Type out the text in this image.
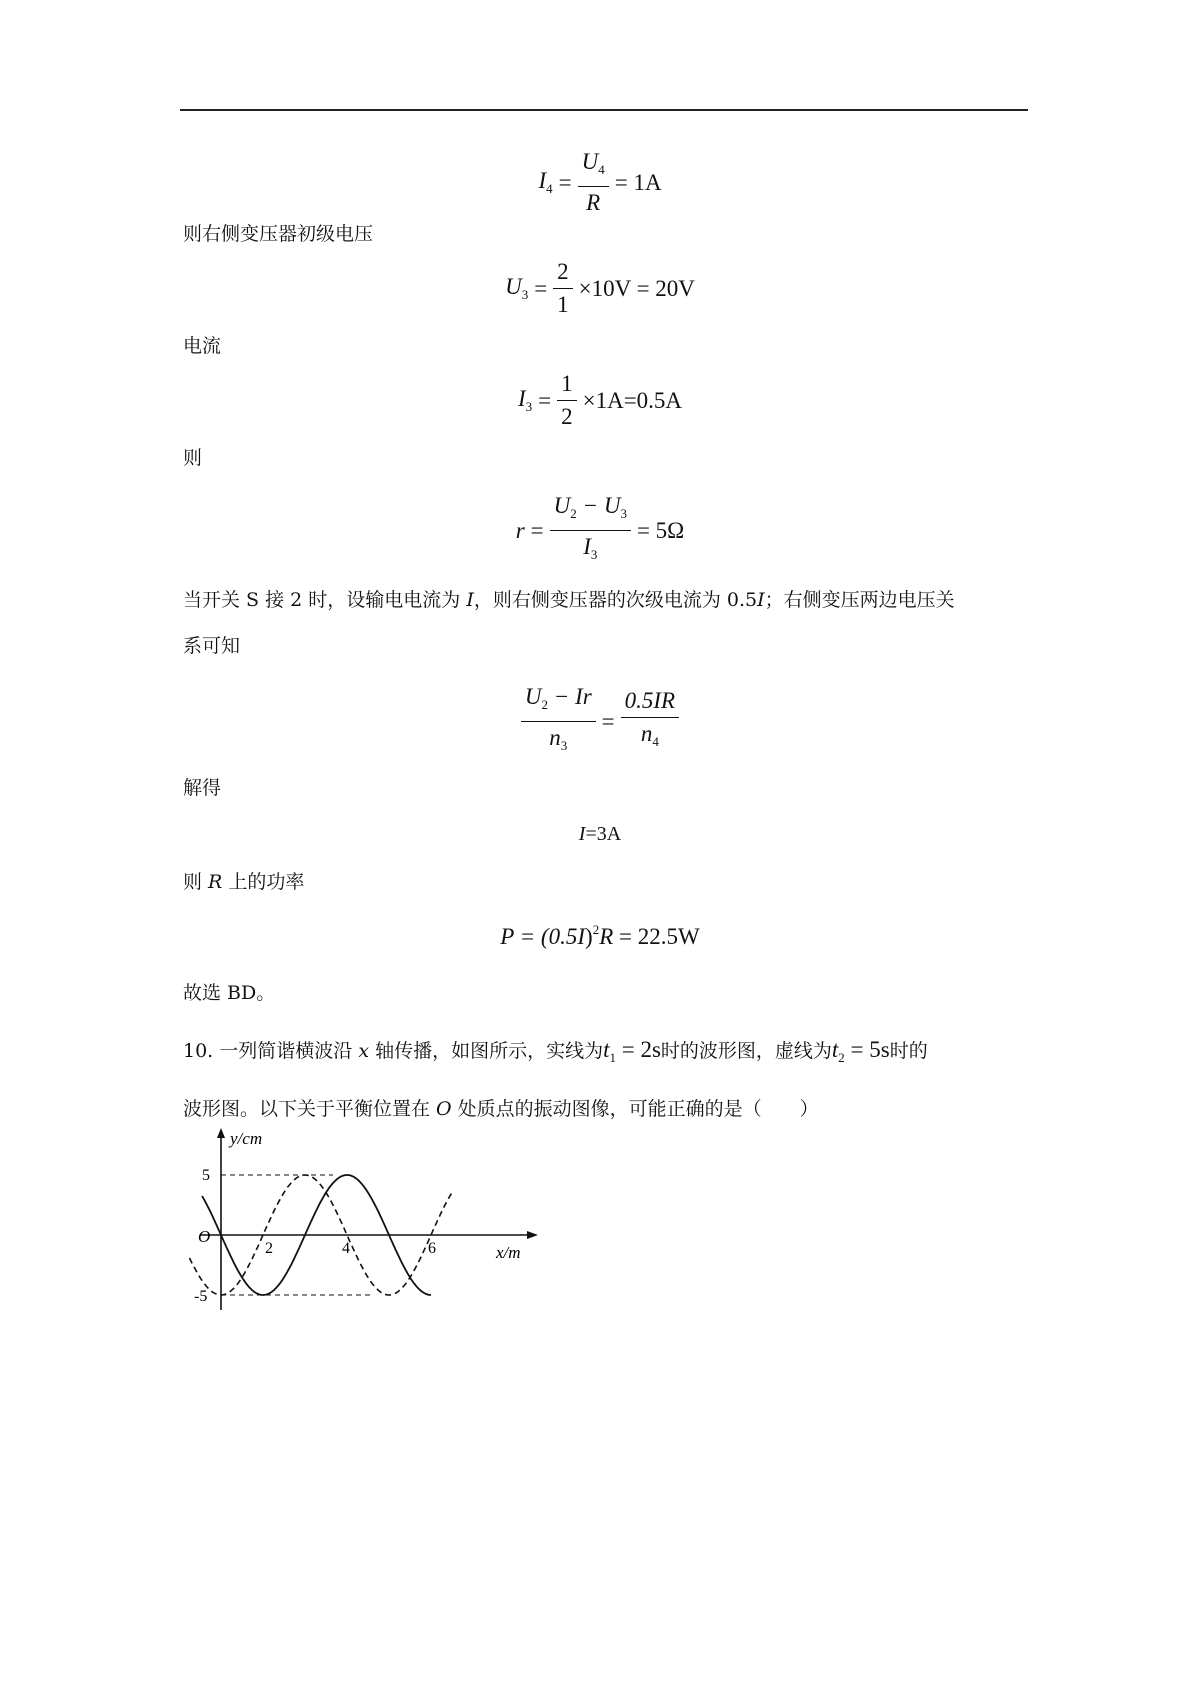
$I_4 = \frac{U_4}{R} = 1A$
则右侧变压器初级电压
$U_3 = \frac{2}{1} \times 10V = 20V$
电流
$I_3 = \frac{1}{2} \times 1A=0.5A$
则
$r = \frac{U_2 - U_3}{I_3} = 5\Omega$
当开关 S 接 2 时，设输电电流为 I，则右侧变压器的次级电流为 0.5I；右侧变压两边电压关
系可知
$\frac{U_2 - Ir}{n_3} = \frac{0.5IR}{n_4}$
解得
I=3A
则 R 上的功率
$P = (0.5I)^2R = 22.5W$
故选 BD。
10. 一列简谐横波沿 x 轴传播，如图所示，实线为$t_1 = 2s$时的波形图，虚线为$t_2 = 5s$时的
波形图。以下关于平衡位置在 O 处质点的振动图像，可能正确的是（　　）
y/cm
x/m
O
5
-5
2	4	6
